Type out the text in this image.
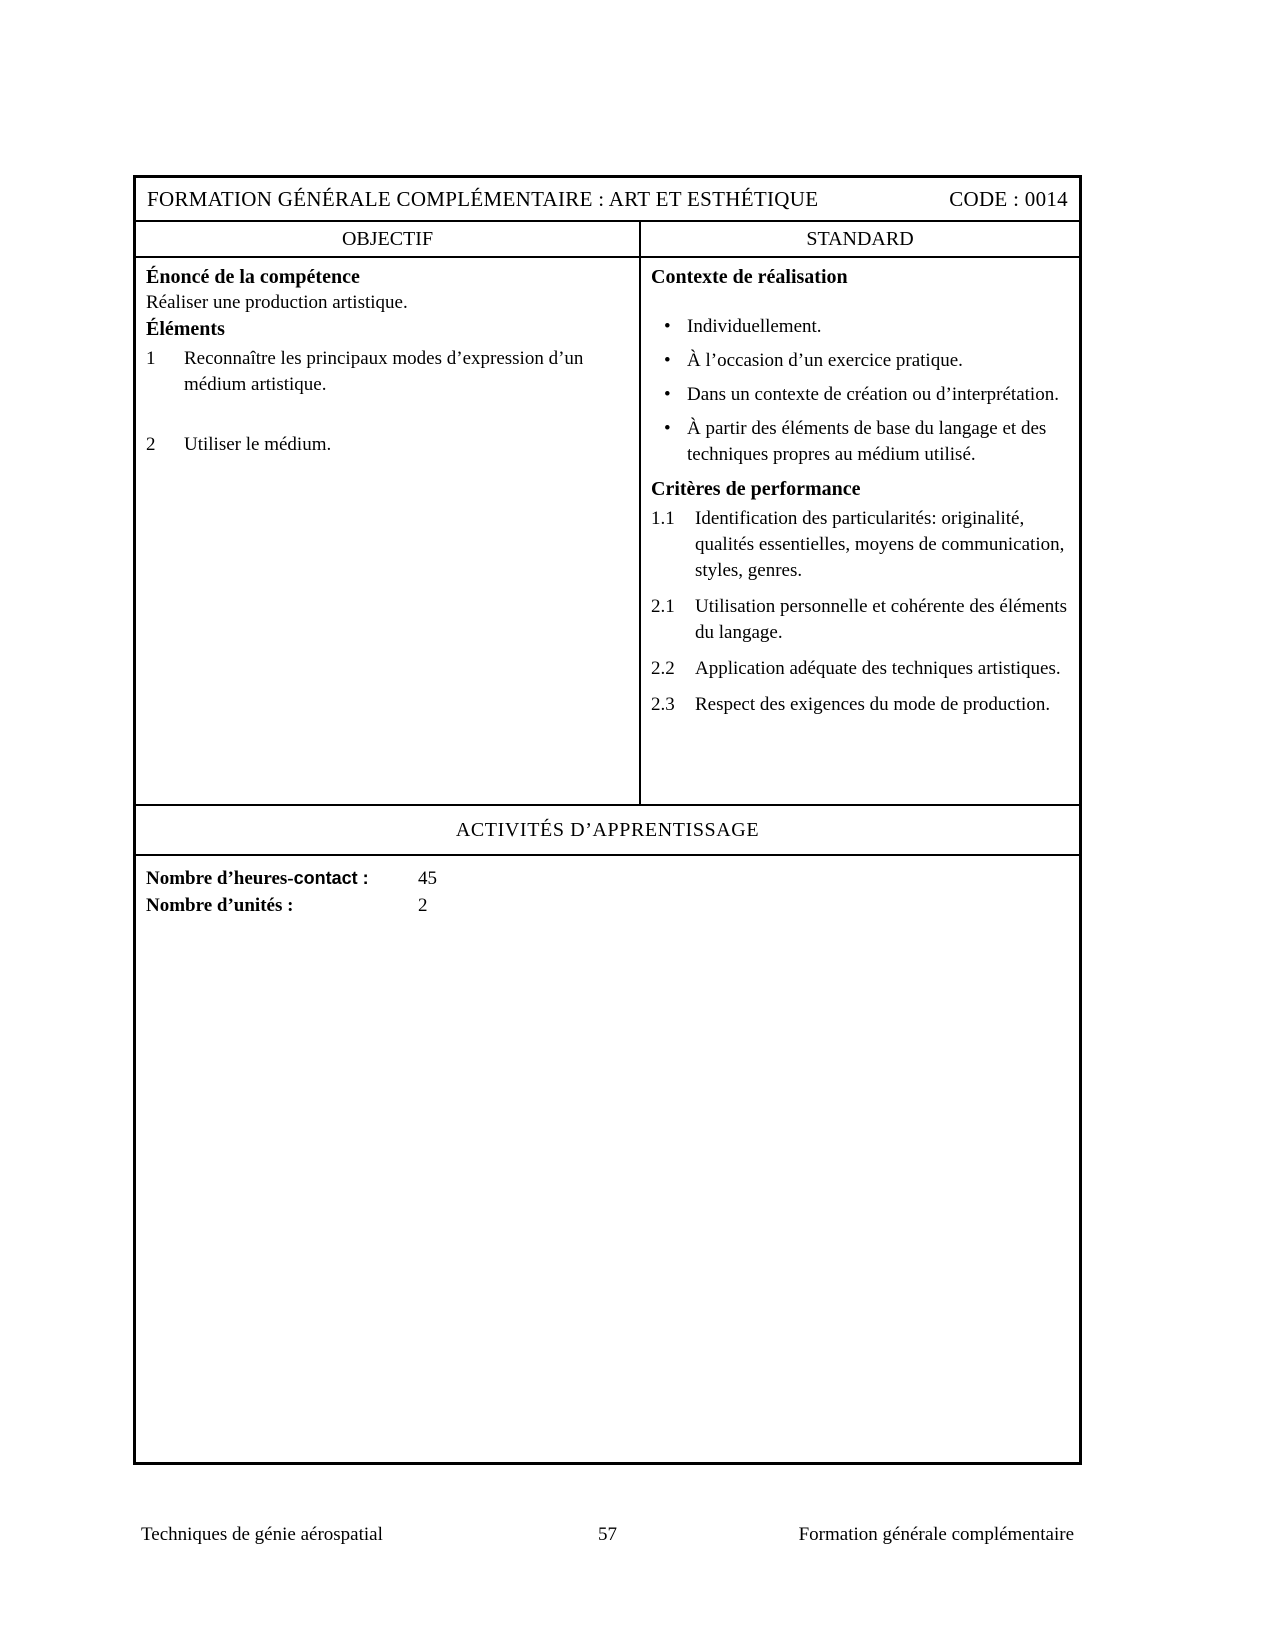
FORMATION GÉNÉRALE COMPLÉMENTAIRE : ART ET ESTHÉTIQUE	CODE : 0014
OBJECTIF	STANDARD

Énoncé de la compétence

Réaliser une production artistique.

Éléments

1	Reconnaître les principaux modes d’expression d’un médium artistique.
2	Utiliser le médium.

Contexte de réalisation

• Individuellement.
• À l’occasion d’un exercice pratique.
• Dans un contexte de création ou d’interprétation.
• À partir des éléments de base du langage et des techniques propres au médium utilisé.

Critères de performance

1.1	Identification des particularités: originalité, qualités essentielles, moyens de communication, styles, genres.
2.1	Utilisation personnelle et cohérente des éléments du langage.
2.2	Application adéquate des techniques artistiques.
2.3	Respect des exigences du mode de production.
ACTIVITÉS D’APPRENTISSAGE
Nombre d’heures-contact :	45
Nombre d’unités :	2
Techniques de génie aérospatial	57	Formation générale complémentaire
